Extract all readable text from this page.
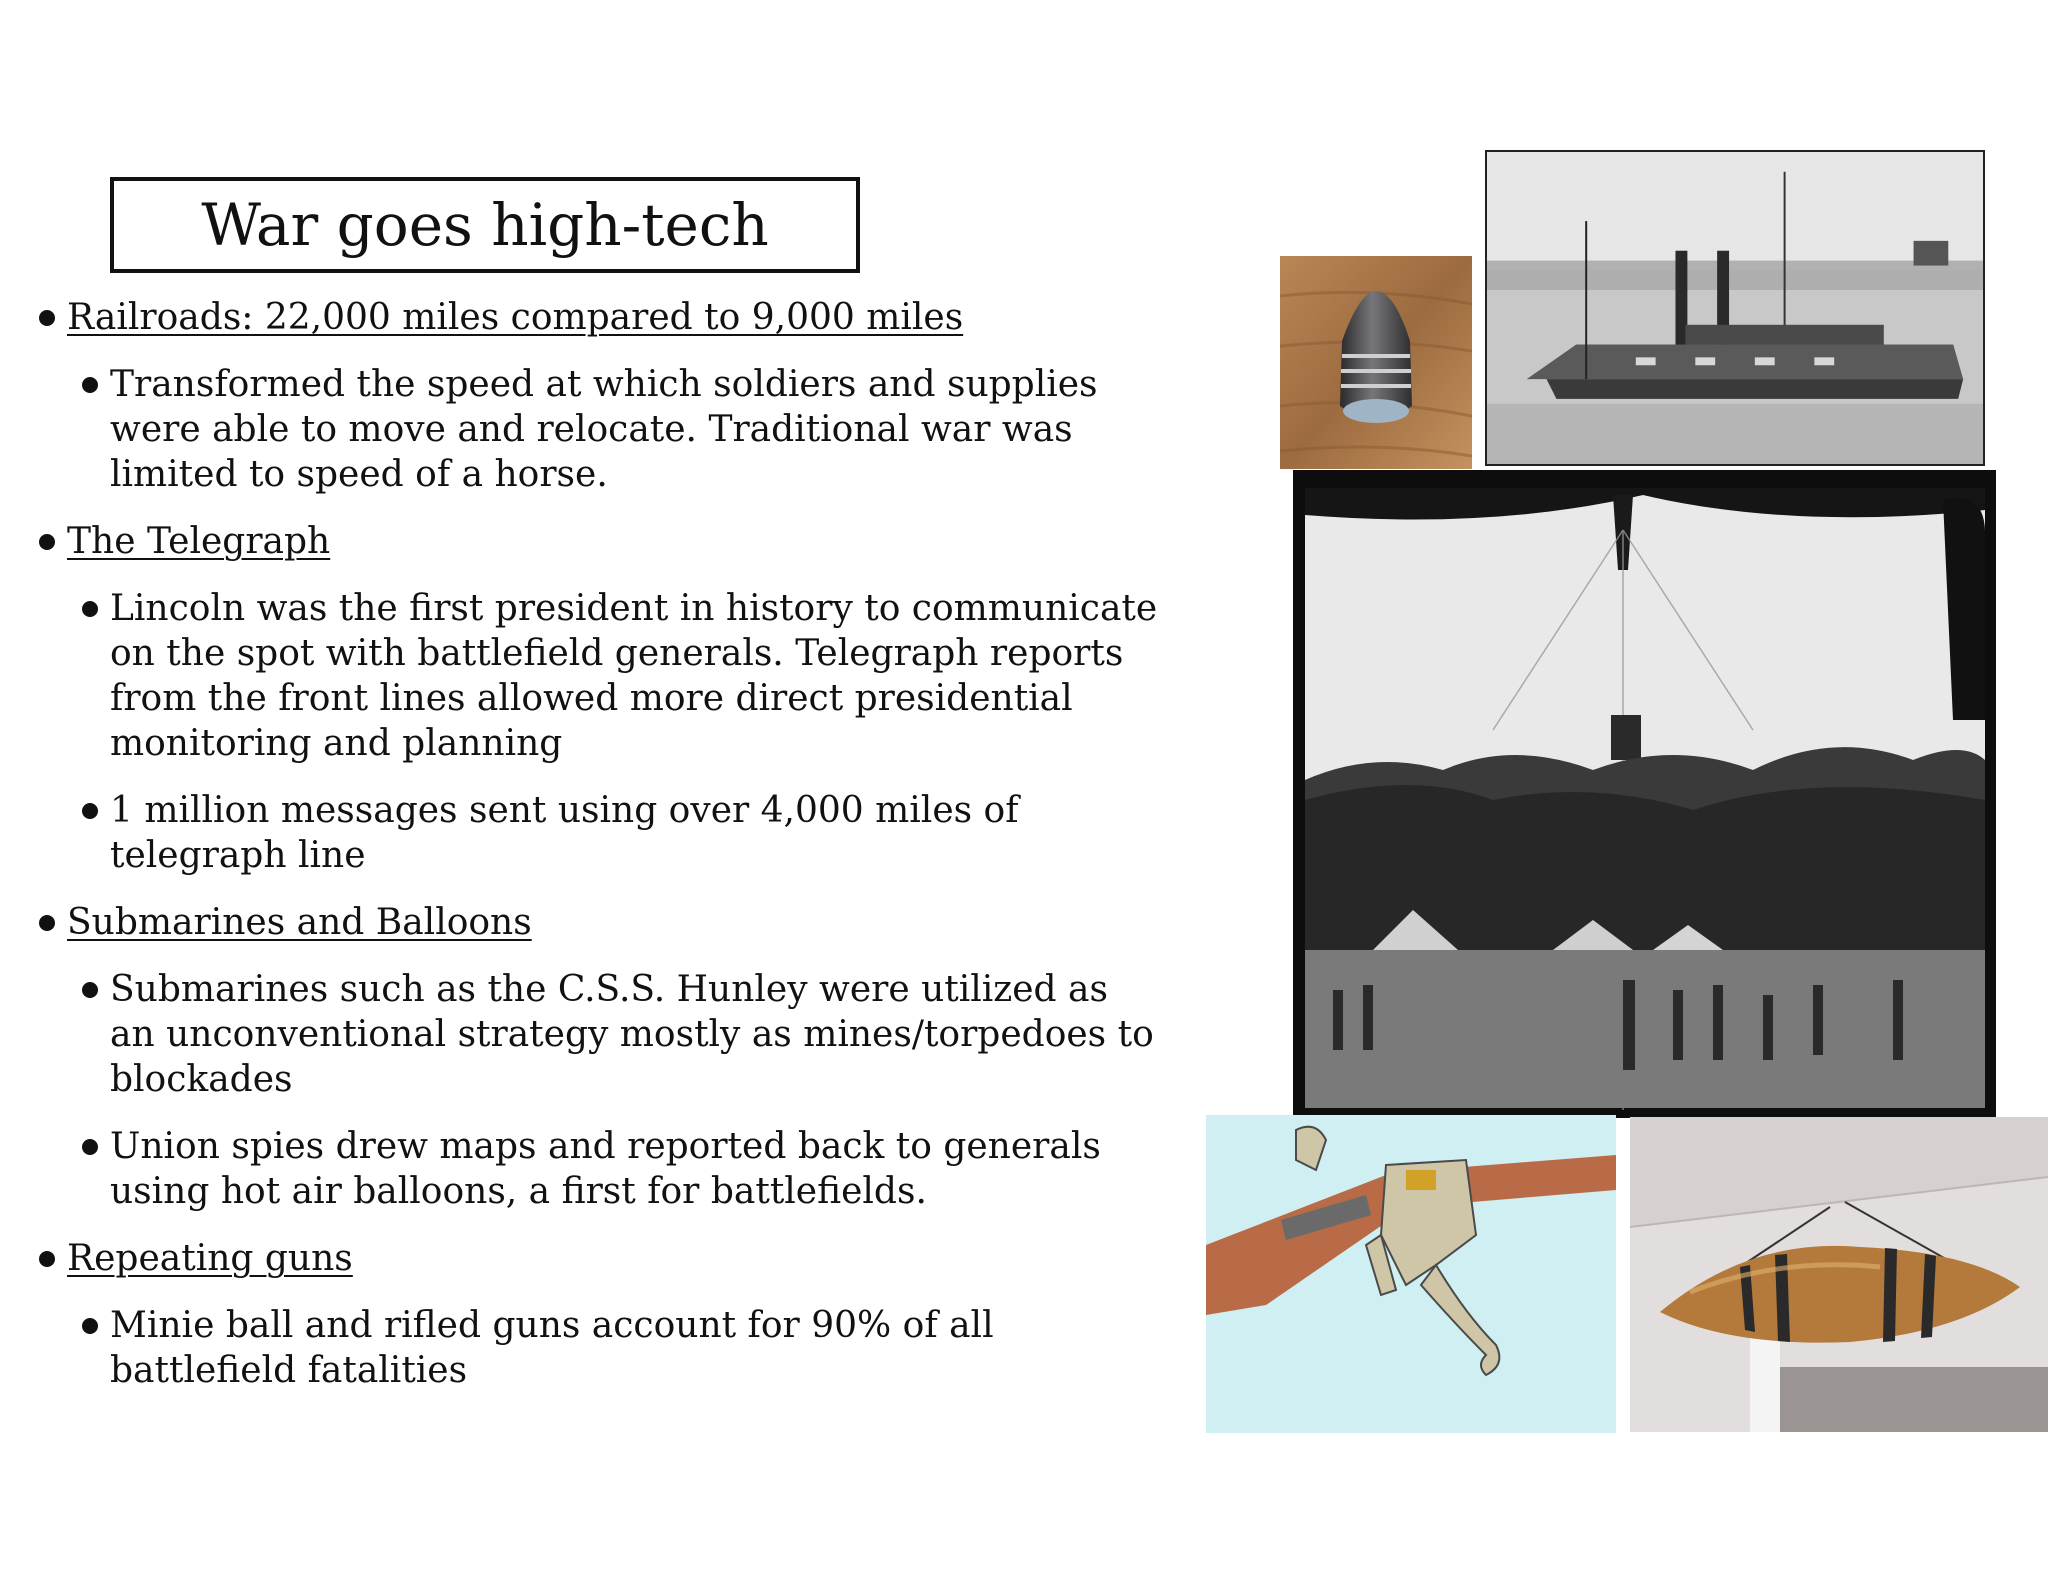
War goes high-tech
Railroads: 22,000 miles compared to 9,000 miles
Transformed the speed at which soldiers and supplies were able to move and relocate. Traditional war was limited to speed of a horse.
The Telegraph
Lincoln was the first president in history to communicate on the spot with battlefield generals. Telegraph reports from the front lines allowed more direct presidential monitoring and planning
1 million messages sent using over 4,000 miles of telegraph line
Submarines and Balloons
Submarines such as the C.S.S. Hunley were utilized as an unconventional strategy mostly as mines/torpedoes to blockades
Union spies drew maps and reported back to generals using hot air balloons, a first for battlefields.
Repeating guns
Minie ball and rifled guns account for 90% of all battlefield fatalities
